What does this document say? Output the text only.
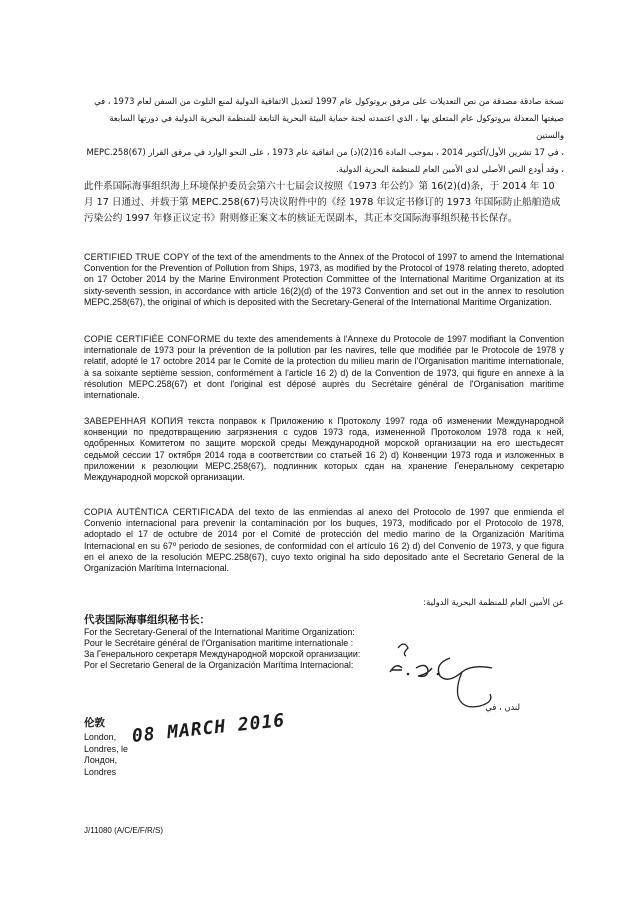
نسخة صادقة مصدقة من نص التعديلات على مرفق بروتوكول عام 1997 لتعديل الاتفاقية الدولية لمنع التلوث من السفن لعام 1973 ، في
صيغتها المعدلة ببروتوكول عام المتعلق بها ، الذي اعتمدته لجنة حماية البيئة البحرية التابعة للمنظمة البحرية الدولية في دورتها السابعة والستين
، في 17 تشرين الأول/أكتوبر 2014 ، بموجب المادة 16(2)(د) من اتفاقية عام 1973 ، على النحو الوارد في مرفق القرار (MEPC.258(67
، وقد أودع النص الأصلي لدى الأمين العام للمنظمة البحرية الدولية.
此件系国际海事组织海上环境保护委员会第六十七届会议按照《1973 年公约》第 16(2)(d)条，于 2014 年 10 月 17 日通过、并载于第 MEPC.258(67)号决议附件中的《经 1978 年议定书修订的 1973 年国际防止船舶造成污染公约 1997 年修正议定书》附则修正案文本的核证无误副本，其正本交国际海事组织秘书长保存。
CERTIFIED TRUE COPY of the text of the amendments to the Annex of the Protocol of 1997 to amend the International Convention for the Prevention of Pollution from Ships, 1973, as modified by the Protocol of 1978 relating thereto, adopted on 17 October 2014 by the Marine Environment Protection Committee of the International Maritime Organization at its sixty-seventh session, in accordance with article 16(2)(d) of the 1973 Convention and set out in the annex to resolution MEPC.258(67), the original of which is deposited with the Secretary-General of the International Maritime Organization.
COPIE CERTIFIÉE CONFORME du texte des amendements à l'Annexe du Protocole de 1997 modifiant la Convention internationale de 1973 pour la prévention de la pollution par les navires, telle que modifiée par le Protocole de 1978 y relatif, adopté le 17 octobre 2014 par le Comité de la protection du milieu marin de l'Organisation maritime internationale, à sa soixante septième session, conformément à l'article 16 2) d) de la Convention de 1973, qui figure en annexe à la résolution MEPC.258(67) et dont l'original est déposé auprès du Secrétaire général de l'Organisation maritime internationale.
ЗАВЕРЕННАЯ КОПИЯ текста поправок к Приложению к Протоколу 1997 года об изменении Международной конвенции по предотвращению загрязнения с судов 1973 года, измененной Протоколом 1978 года к ней, одобренных Комитетом по защите морской среды Международной морской организации на его шестьдесят седьмой сессии 17 октября 2014 года в соответствии со статьей 16 2) d) Конвенции 1973 года и изложенных в приложении к резолюции MEPC.258(67), подлинник которых сдан на хранение Генеральному секретарю Международной морской организации.
COPIA AUTÉNTICA CERTIFICADA del texto de las enmiendas al anexo del Protocolo de 1997 que enmienda el Convenio internacional para prevenir la contaminación por los buques, 1973, modificado por el Protocolo de 1978, adoptado el 17 de octubre de 2014 por el Comité de protección del medio marino de la Organización Marítima Internacional en su 67º periodo de sesiones, de conformidad con el artículo 16 2) d) del Convenio de 1973, y que figura en el anexo de la resolución MEPC.258(67), cuyo texto original ha sido depositado ante el Secretario General de la Organización Marítima Internacional.
عن الأمين العام للمنظمة البحرية الدولية:
代表国际海事组织秘书长：
For the Secretary-General of the International Maritime Organization:
Pour le Secrétaire général de l'Organisation maritime internationale :
За Генерального секретаря Международной морской организации:
Por el Secretario General de la Organización Marítima Internacional:
لندن ، في
伦敦
London,
Londres, le
Лондон,
Londres
08 MARCH 2016
J/11080 (A/C/E/F/R/S)
